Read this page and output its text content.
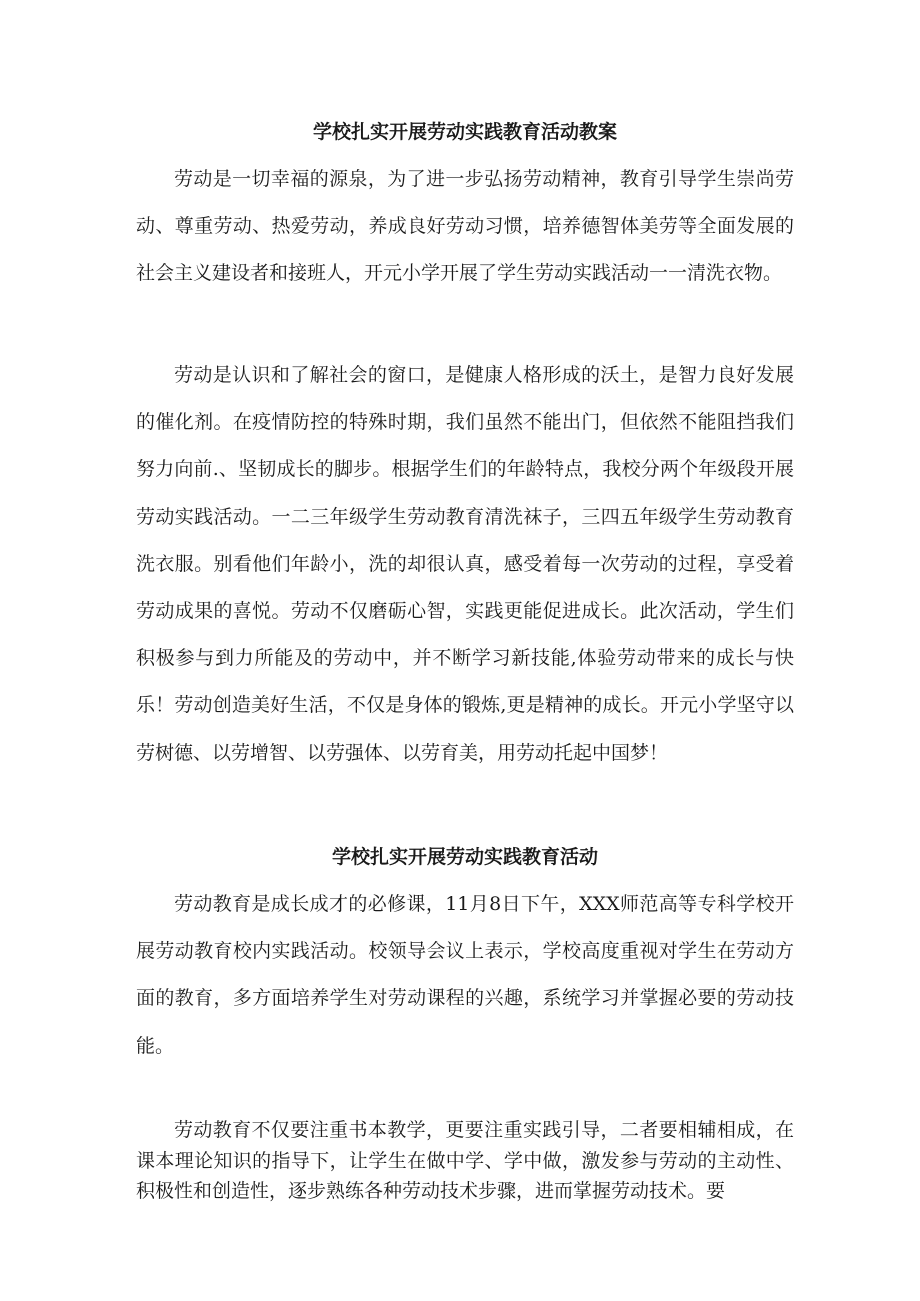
学校扎实开展劳动实践教育活动教案

劳动是一切幸福的源泉，为了进一步弘扬劳动精神，教育引导学生崇尚劳动、尊重劳动、热爱劳动，养成良好劳动习惯，培养德智体美劳等全面发展的社会主义建设者和接班人，开元小学开展了学生劳动实践活动一一清洗衣物。

劳动是认识和了解社会的窗口，是健康人格形成的沃土，是智力良好发展的催化剂。在疫情防控的特殊时期，我们虽然不能出门，但依然不能阻挡我们努力向前.、坚韧成长的脚步。根据学生们的年龄特点，我校分两个年级段开展劳动实践活动。一二三年级学生劳动教育清洗袜子，三四五年级学生劳动教育洗衣服。别看他们年龄小，洗的却很认真，感受着每一次劳动的过程，享受着劳动成果的喜悦。劳动不仅磨砺心智，实践更能促进成长。此次活动，学生们积极参与到力所能及的劳动中，并不断学习新技能,体验劳动带来的成长与快乐！劳动创造美好生活，不仅是身体的锻炼,更是精神的成长。开元小学坚守以劳树德、以劳增智、以劳强体、以劳育美，用劳动托起中国梦！

学校扎实开展劳动实践教育活动

劳动教育是成长成才的必修课，11月8日下午，XXX师范高等专科学校开展劳动教育校内实践活动。校领导会议上表示，学校高度重视对学生在劳动方面的教育，多方面培养学生对劳动课程的兴趣，系统学习并掌握必要的劳动技能。

劳动教育不仅要注重书本教学，更要注重实践引导，二者要相辅相成，在课本理论知识的指导下，让学生在做中学、学中做，激发参与劳动的主动性、积极性和创造性，逐步熟练各种劳动技术步骤，进而掌握劳动技术。要
